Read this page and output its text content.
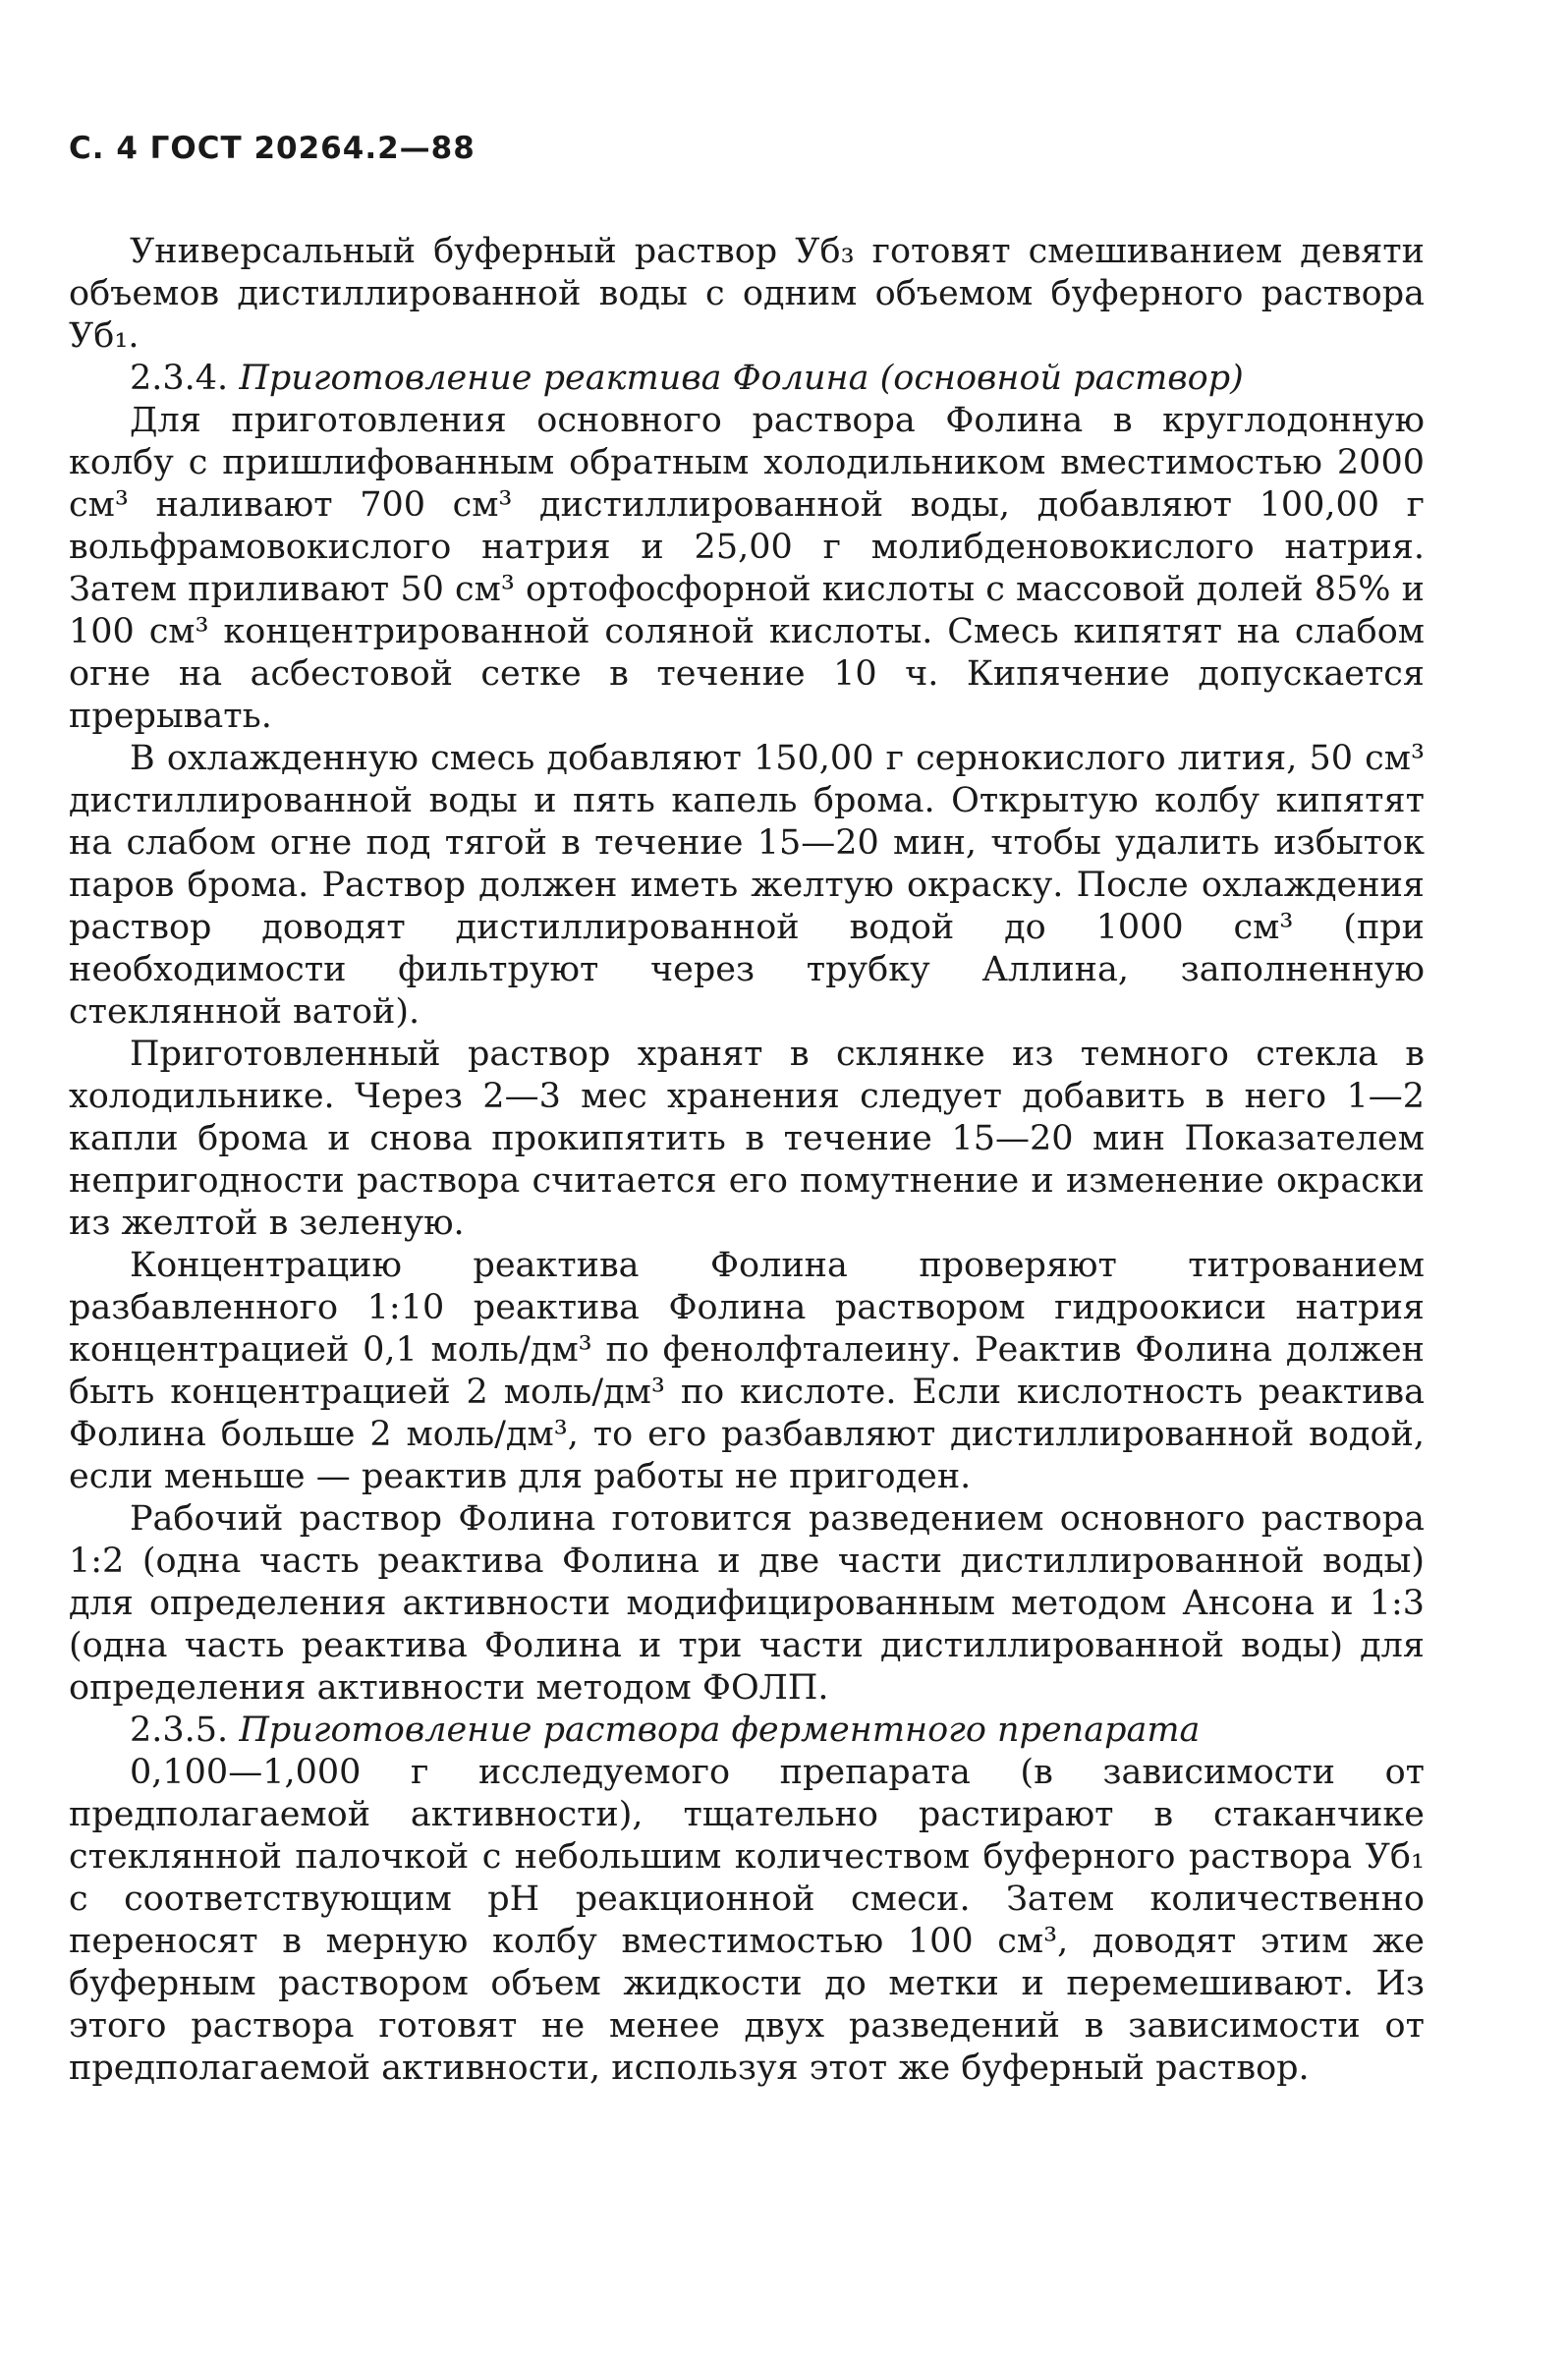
С. 4 ГОСТ 20264.2—88

Универсальный буферный раствор Уб₃ готовят смешиванием девяти объемов дистиллированной воды с одним объемом буферного раствора Уб₁.

2.3.4. Приготовление реактива Фолина (основной раствор)

Для приготовления основного раствора Фолина в круглодонную колбу с пришлифованным обратным холодильником вместимостью 2000 см³ наливают 700 см³ дистиллированной воды, добавляют 100,00 г вольфрамовокислого натрия и 25,00 г молибденовокислого натрия. Затем приливают 50 см³ ортофосфорной кислоты с массовой долей 85% и 100 см³ концентрированной соляной кислоты. Смесь кипятят на слабом огне на асбестовой сетке в течение 10 ч. Кипячение допускается прерывать.

В охлажденную смесь добавляют 150,00 г сернокислого лития, 50 см³ дистиллированной воды и пять капель брома. Открытую колбу кипятят на слабом огне под тягой в течение 15—20 мин, чтобы удалить избыток паров брома. Раствор должен иметь желтую окраску. После охлаждения раствор доводят дистиллированной водой до 1000 см³ (при необходимости фильтруют через трубку Аллина, заполненную стеклянной ватой).

Приготовленный раствор хранят в склянке из темного стекла в холодильнике. Через 2—3 мес хранения следует добавить в него 1—2 капли брома и снова прокипятить в течение 15—20 мин Показателем непригодности раствора считается его помутнение и изменение окраски из желтой в зеленую.

Концентрацию реактива Фолина проверяют титрованием разбавленного 1:10 реактива Фолина раствором гидроокиси натрия концентрацией 0,1 моль/дм³ по фенолфталеину. Реактив Фолина должен быть концентрацией 2 моль/дм³ по кислоте. Если кислотность реактива Фолина больше 2 моль/дм³, то его разбавляют дистиллированной водой, если меньше — реактив для работы не пригоден.

Рабочий раствор Фолина готовится разведением основного раствора 1:2 (одна часть реактива Фолина и две части дистиллированной воды) для определения активности модифицированным методом Ансона и 1:3 (одна часть реактива Фолина и три части дистиллированной воды) для определения активности методом ФОЛП.

2.3.5. Приготовление раствора ферментного препарата

0,100—1,000 г исследуемого препарата (в зависимости от предполагаемой активности), тщательно растирают в стаканчике стеклянной палочкой с небольшим количеством буферного раствора Уб₁ с соответствующим pH реакционной смеси. Затем количественно переносят в мерную колбу вместимостью 100 см³, доводят этим же буферным раствором объем жидкости до метки и перемешивают. Из этого раствора готовят не менее двух разведений в зависимости от предполагаемой активности, используя этот же буферный раствор.
